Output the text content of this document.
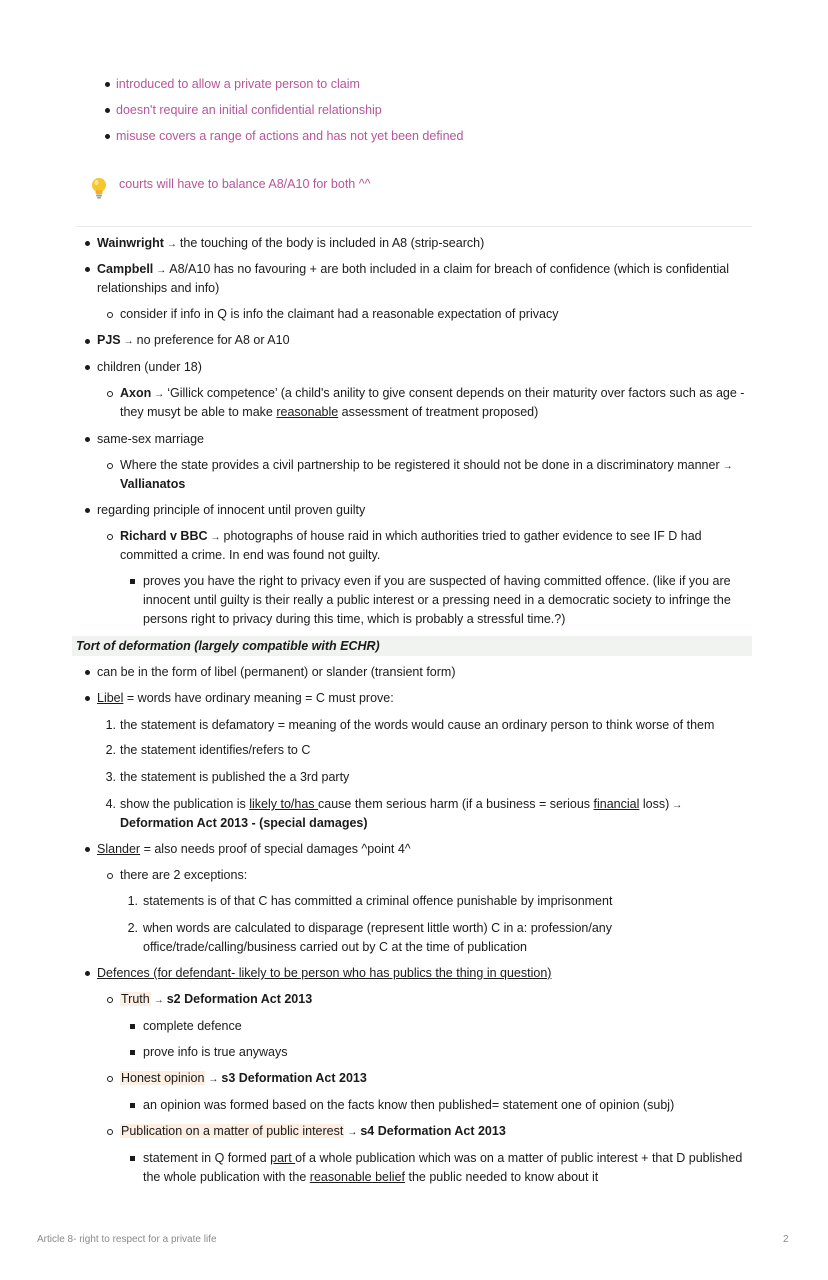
introduced to allow a private person to claim
doesn't require an initial confidential relationship
misuse covers a range of actions and has not yet been defined
courts will have to balance A8/A10 for both ^^
Wainwright → the touching of the body is included in A8 (strip-search)
Campbell → A8/A10 has no favouring + are both included in a claim for breach of confidence (which is confidential
relationships and info)
consider if info in Q is info the claimant had a reasonable expectation of privacy
PJS → no preference for A8 or A10
children (under 18)
Axon → ‘Gillick competence’ (a child's anility to give consent depends on their maturity over factors such as age -
they musyt be able to make reasonable assessment of treatment proposed)
same-sex marriage
Where the state provides a civil partnership to be registered it should not be done in a discriminatory manner →
Vallianatos
regarding principle of innocent until proven guilty
Richard v BBC → photographs of house raid in which authorities tried to gather evidence to see IF D had
committed a crime. In end was found not guilty.
proves you have the right to privacy even if you are suspected of having committed offence. (like if you are
innocent until guilty is their really a public interest or a pressing need in a democratic society to infringe the
persons right to privacy during this time, which is probably a stressful time.?)
Tort of deformation (largely compatible with ECHR)
can be in the form of libel (permanent) or slander (transient form)
Libel = words have ordinary meaning = C must prove:
1. the statement is defamatory = meaning of the words would cause an ordinary person to think worse of them
2. the statement identifies/refers to C
3. the statement is published the a 3rd party
4. show the publication is likely to/has cause them serious harm (if a business = serious financial loss) →
Deformation Act 2013 - (special damages)
Slander = also needs proof of special damages ^point 4^
there are 2 exceptions:
1. statements is of that C has committed a criminal offence punishable by imprisonment
2. when words are calculated to disparage (represent little worth) C in a: profession/any
office/trade/calling/business carried out by C at the time of publication
Defences (for defendant- likely to be person who has publics the thing in question)
Truth → s2 Deformation Act 2013
complete defence
prove info is true anyways
Honest opinion → s3 Deformation Act 2013
an opinion was formed based on the facts know then published= statement one of opinion (subj)
Publication on a matter of public interest → s4 Deformation Act 2013
statement in Q formed part of a whole publication which was on a matter of public interest + that D published
the whole publication with the reasonable belief the public needed to know about it
Article 8- right to respect for a private life	2
